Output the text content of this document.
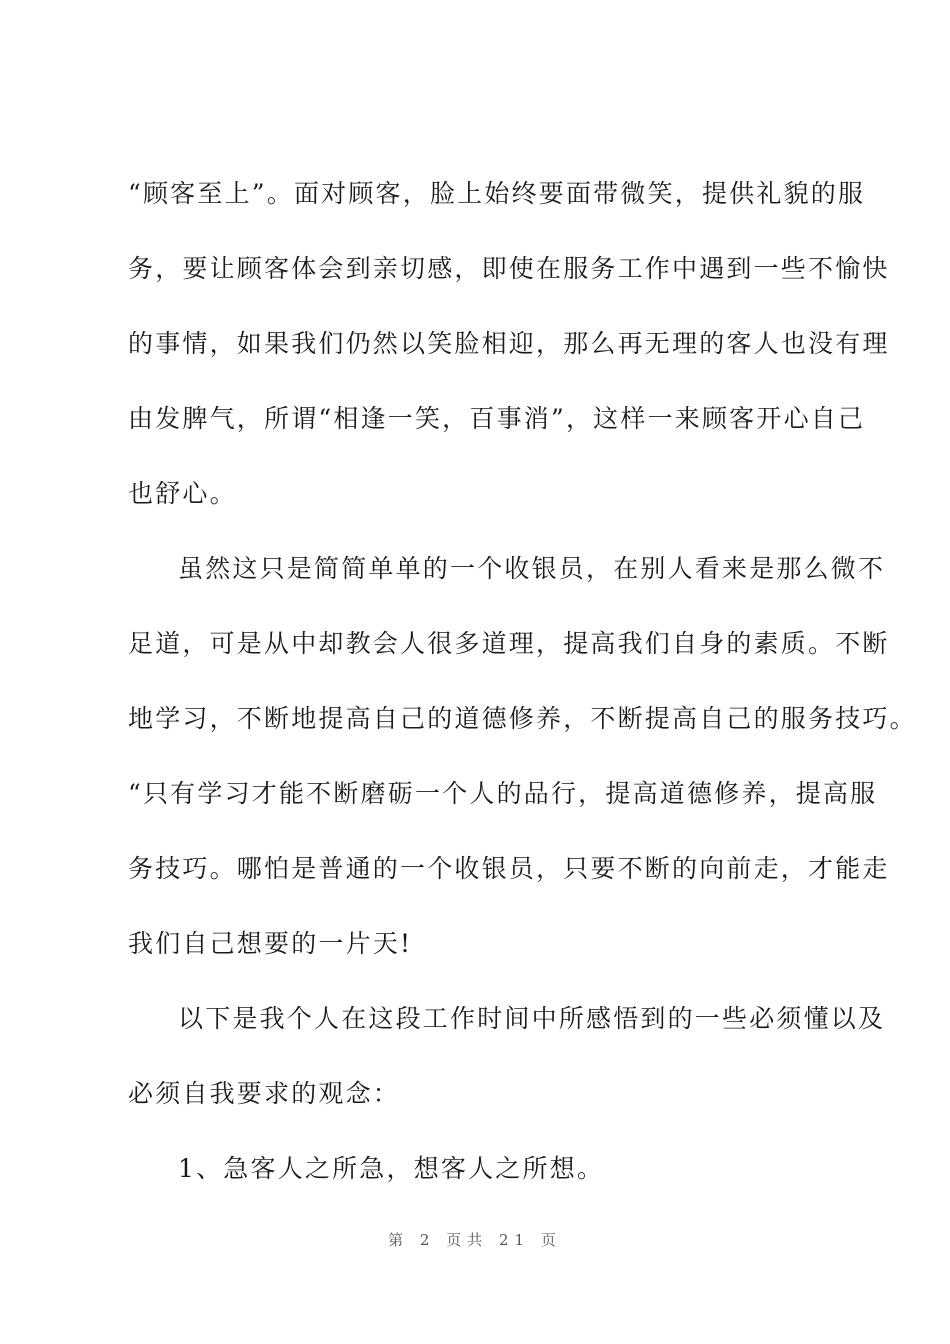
“顾客至上”。面对顾客，脸上始终要面带微笑，提供礼貌的服
务，要让顾客体会到亲切感，即使在服务工作中遇到一些不愉快
的事情，如果我们仍然以笑脸相迎，那么再无理的客人也没有理
由发脾气，所谓“相逢一笑，百事消”，这样一来顾客开心自己
也舒心。
虽然这只是简简单单的一个收银员，在别人看来是那么微不
足道，可是从中却教会人很多道理，提高我们自身的素质。不断
地学习，不断地提高自己的道德修养，不断提高自己的服务技巧。
“只有学习才能不断磨砺一个人的品行，提高道德修养，提高服
务技巧。哪怕是普通的一个收银员，只要不断的向前走，才能走
我们自己想要的一片天!
以下是我个人在这段工作时间中所感悟到的一些必须懂以及
必须自我要求的观念：
1、急客人之所急，想客人之所想。
第 2 页共 21 页
